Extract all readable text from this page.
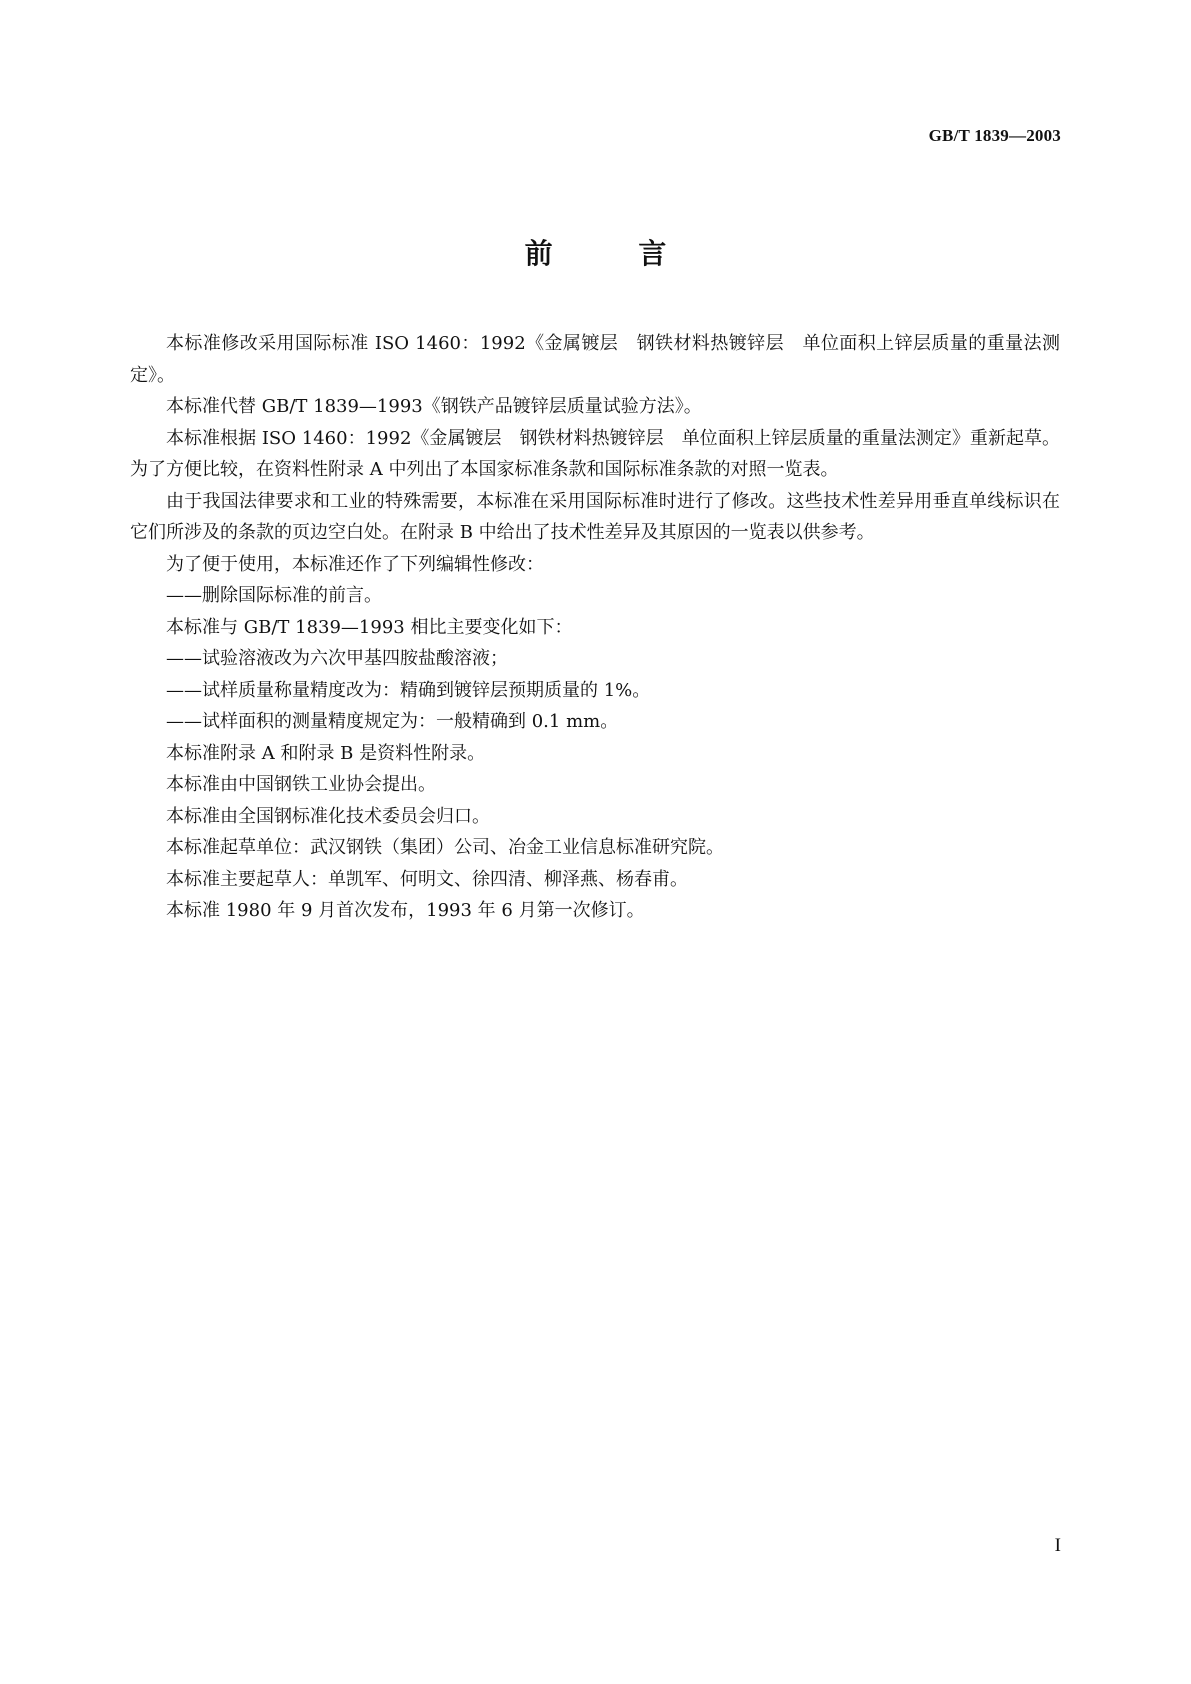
GB/T 1839—2003
前 言

本标准修改采用国际标准 ISO 1460：1992《金属镀层　钢铁材料热镀锌层　单位面积上锌层质量的重量法测定》。

本标准代替 GB/T 1839—1993《钢铁产品镀锌层质量试验方法》。

本标准根据 ISO 1460：1992《金属镀层　钢铁材料热镀锌层　单位面积上锌层质量的重量法测定》重新起草。为了方便比较，在资料性附录 A 中列出了本国家标准条款和国际标准条款的对照一览表。

由于我国法律要求和工业的特殊需要，本标准在采用国际标准时进行了修改。这些技术性差异用垂直单线标识在它们所涉及的条款的页边空白处。在附录 B 中给出了技术性差异及其原因的一览表以供参考。

为了便于使用，本标准还作了下列编辑性修改：

——删除国际标准的前言。

本标准与 GB/T 1839—1993 相比主要变化如下：

——试验溶液改为六次甲基四胺盐酸溶液；

——试样质量称量精度改为：精确到镀锌层预期质量的 1%。

——试样面积的测量精度规定为：一般精确到 0.1 mm。

本标准附录 A 和附录 B 是资料性附录。

本标准由中国钢铁工业协会提出。

本标准由全国钢标准化技术委员会归口。

本标准起草单位：武汉钢铁（集团）公司、冶金工业信息标准研究院。

本标准主要起草人：单凯军、何明文、徐四清、柳泽燕、杨春甫。

本标准 1980 年 9 月首次发布，1993 年 6 月第一次修订。

I
